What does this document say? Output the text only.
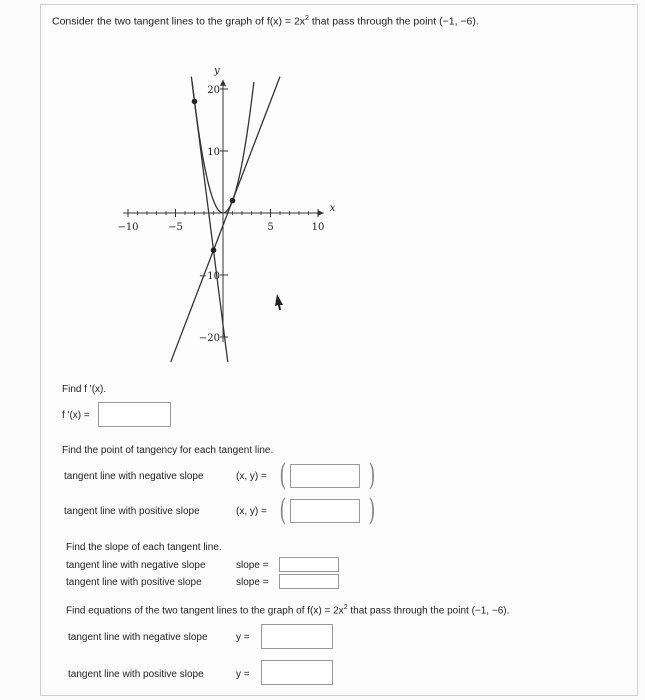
Consider the two tangent lines to the graph of $f(x) = 2x^2$ that pass through the point (−1, −6).
−10	−5	5	10
20
10
−10
−20
x
y
Find f '(x).
f '(x) =
Find the point of tangency for each tangent line.
tangent line with negative slope	(x, y) = (	)
tangent line with positive slope	(x, y) = (	)
Find the slope of each tangent line.
tangent line with negative slope	slope =
tangent line with positive slope	slope =
Find equations of the two tangent lines to the graph of $f(x) = 2x^2$ that pass through the point (−1, −6).
tangent line with negative slope	y =
tangent line with positive slope	y =
